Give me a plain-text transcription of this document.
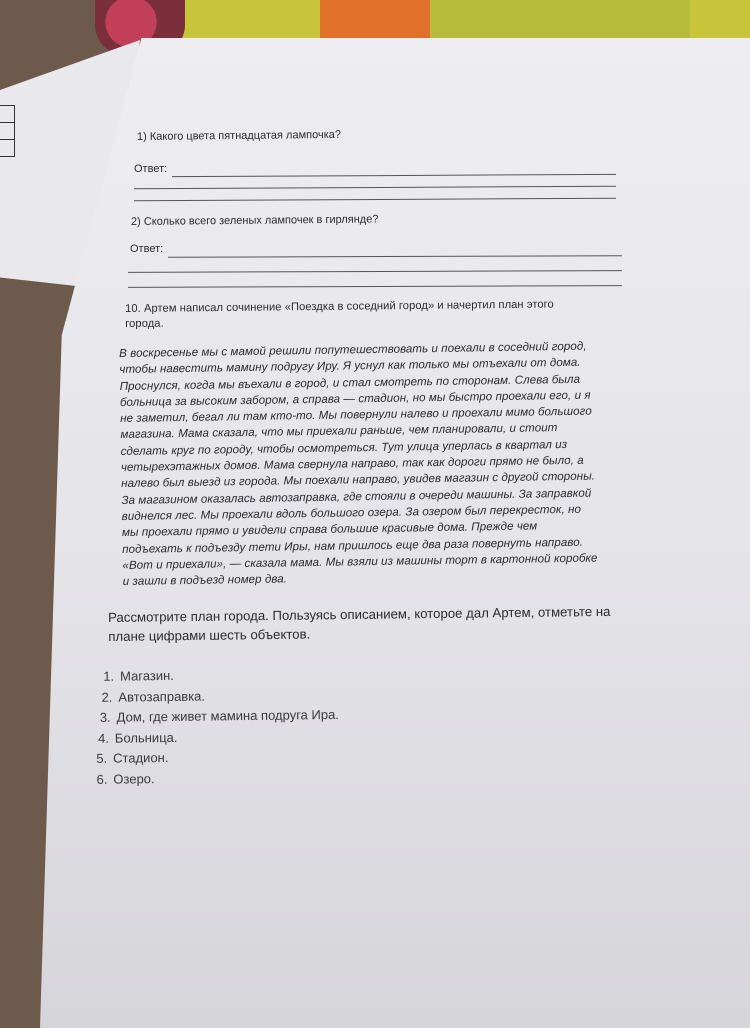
1) Какого цвета пятнадцатая лампочка?
Ответ:
2) Сколько всего зеленых лампочек в гирлянде?
Ответ:
10. Артем написал сочинение «Поездка в соседний город» и начертил план этого
города.
В воскресенье мы с мамой решили попутешествовать и поехали в соседний город,
чтобы навестить мамину подругу Иру. Я уснул как только мы отъехали от дома.
Проснулся, когда мы въехали в город, и стал смотреть по сторонам. Слева была
больница за высоким забором, а справа — стадион, но мы быстро проехали его, и я
не заметил, бегал ли там кто-то. Мы повернули налево и проехали мимо большого
магазина. Мама сказала, что мы приехали раньше, чем планировали, и стоит
сделать круг по городу, чтобы осмотреться. Тут улица уперлась в квартал из
четырехэтажных домов. Мама свернула направо, так как дороги прямо не было, а
налево был выезд из города. Мы поехали направо, увидев магазин с другой стороны.
За магазином оказалась автозаправка, где стояли в очереди машины. За заправкой
виднелся лес. Мы проехали вдоль большого озера. За озером был перекресток, но
мы проехали прямо и увидели справа большие красивые дома. Прежде чем
подъехать к подъезду тети Иры, нам пришлось еще два раза повернуть направо.
«Вот и приехали», — сказала мама. Мы взяли из машины торт в картонной коробке
и зашли в подъезд номер два.
Рассмотрите план города. Пользуясь описанием, которое дал Артем, отметьте на
плане цифрами шесть объектов.
1. Магазин.
2. Автозаправка.
3. Дом, где живет мамина подруга Ира.
4. Больница.
5. Стадион.
6. Озеро.
